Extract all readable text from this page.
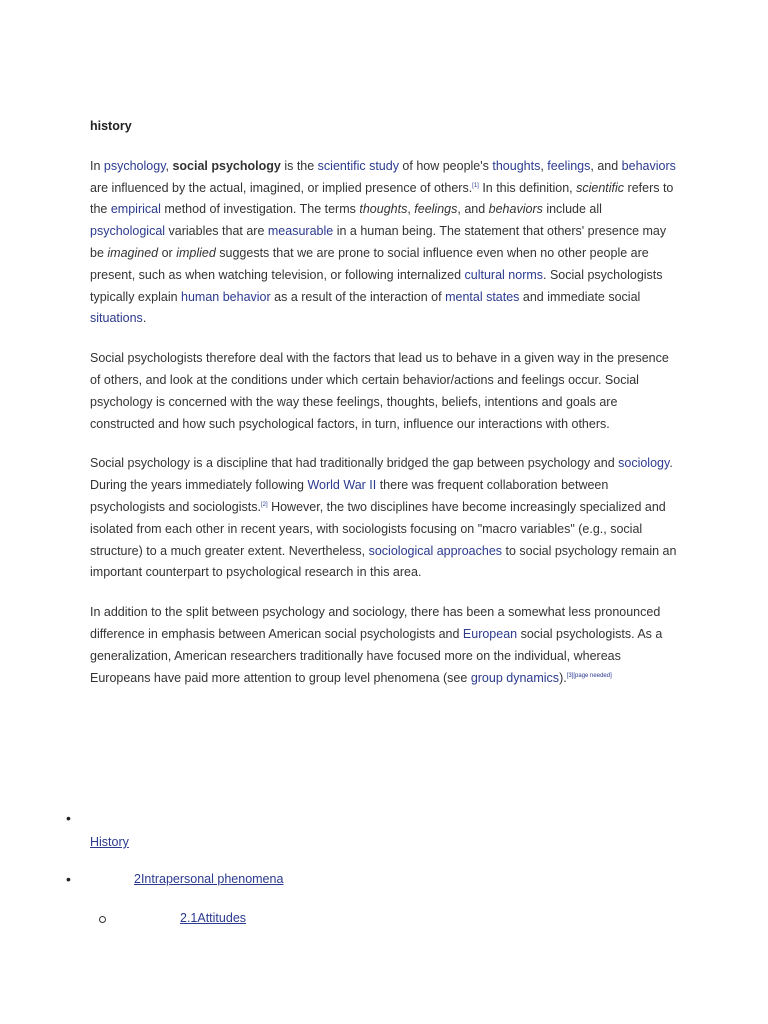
history

In psychology, social psychology is the scientific study of how people's thoughts, feelings, and behaviors are influenced by the actual, imagined, or implied presence of others.[1] In this definition, scientific refers to the empirical method of investigation. The terms thoughts, feelings, and behaviors include all psychological variables that are measurable in a human being. The statement that others' presence may be imagined or implied suggests that we are prone to social influence even when no other people are present, such as when watching television, or following internalized cultural norms. Social psychologists typically explain human behavior as a result of the interaction of mental states and immediate social situations.

Social psychologists therefore deal with the factors that lead us to behave in a given way in the presence of others, and look at the conditions under which certain behavior/actions and feelings occur. Social psychology is concerned with the way these feelings, thoughts, beliefs, intentions and goals are constructed and how such psychological factors, in turn, influence our interactions with others.

Social psychology is a discipline that had traditionally bridged the gap between psychology and sociology. During the years immediately following World War II there was frequent collaboration between psychologists and sociologists.[2] However, the two disciplines have become increasingly specialized and isolated from each other in recent years, with sociologists focusing on "macro variables" (e.g., social structure) to a much greater extent. Nevertheless, sociological approaches to social psychology remain an important counterpart to psychological research in this area.

In addition to the split between psychology and sociology, there has been a somewhat less pronounced difference in emphasis between American social psychologists and European social psychologists. As a generalization, American researchers traditionally have focused more on the individual, whereas Europeans have paid more attention to group level phenomena (see group dynamics).[3][page needed]

•
History
•	2Intrapersonal phenomena
2.1Attitudes
